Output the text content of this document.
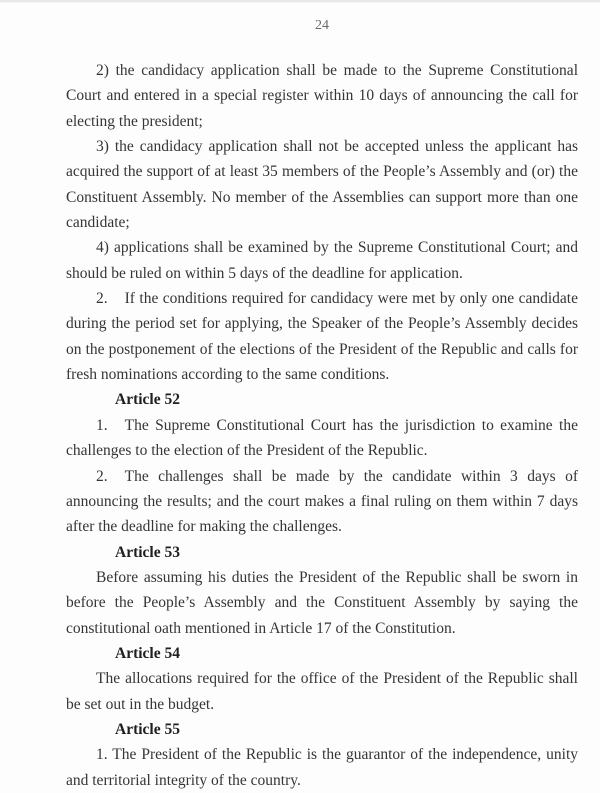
24

2) the candidacy application shall be made to the Supreme Constitutional Court and entered in a special register within 10 days of announcing the call for electing the president;

3) the candidacy application shall not be accepted unless the applicant has acquired the support of at least 35 members of the People’s Assembly and (or) the Constituent Assembly. No member of the Assemblies can support more than one candidate;

4) applications shall be examined by the Supreme Constitutional Court; and should be ruled on within 5 days of the deadline for application.

2. If the conditions required for candidacy were met by only one candidate during the period set for applying, the Speaker of the People’s Assembly decides on the postponement of the elections of the President of the Republic and calls for fresh nominations according to the same conditions.

Article 52

1. The Supreme Constitutional Court has the jurisdiction to examine the challenges to the election of the President of the Republic.

2. The challenges shall be made by the candidate within 3 days of announcing the results; and the court makes a final ruling on them within 7 days after the deadline for making the challenges.

Article 53

Before assuming his duties the President of the Republic shall be sworn in before the People’s Assembly and the Constituent Assembly by saying the constitutional oath mentioned in Article 17 of the Constitution.

Article 54

The allocations required for the office of the President of the Republic shall be set out in the budget.

Article 55

1. The President of the Republic is the guarantor of the independence, unity and territorial integrity of the country.
